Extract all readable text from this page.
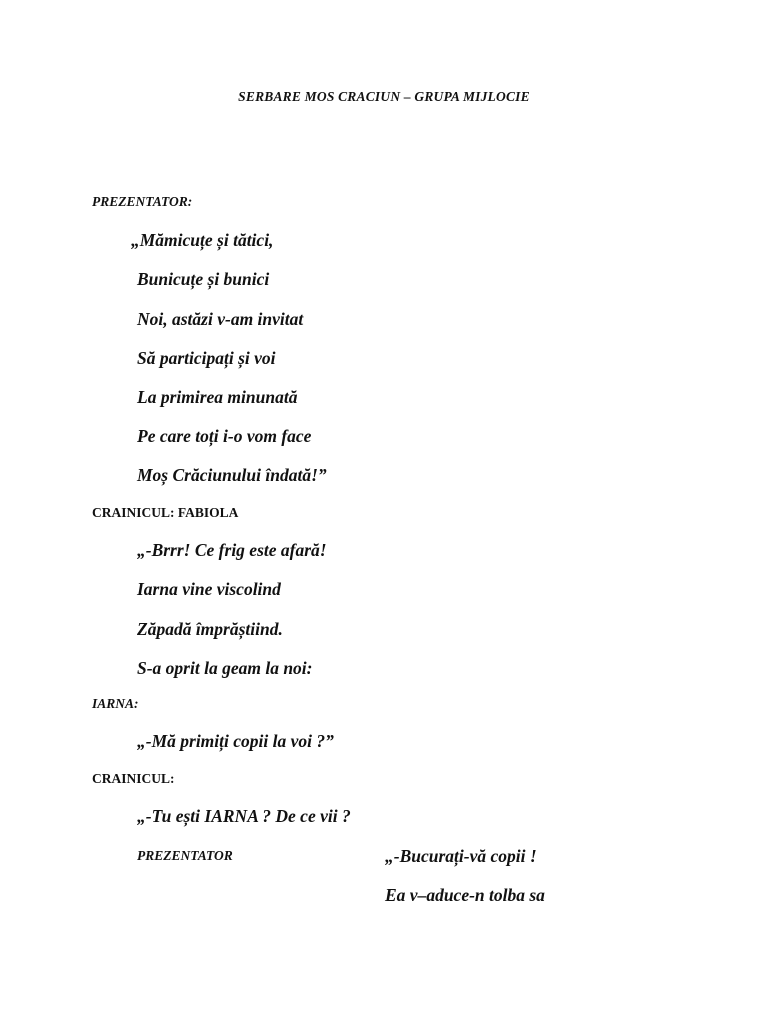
SERBARE MOS CRACIUN – GRUPA MIJLOCIE
PREZENTATOR:
„Mămicuțe și tătici,
Bunicuțe și bunici
Noi, astăzi v-am invitat
Să participați și voi
La primirea minunată
Pe care toți i-o vom face
Moș Crăciunului îndată!”
CRAINICUL: FABIOLA
„-Brrr! Ce frig este afară!
Iarna vine viscolind
Zăpadă împrăștiind.
S-a oprit la geam la noi:
IARNA:
„-Mă primiți copii la voi ?”
CRAINICUL:
„-Tu ești IARNA ? De ce vii ?
PREZENTATOR	„-Bucurați-vă copii !
Ea v–aduce-n tolba sa
